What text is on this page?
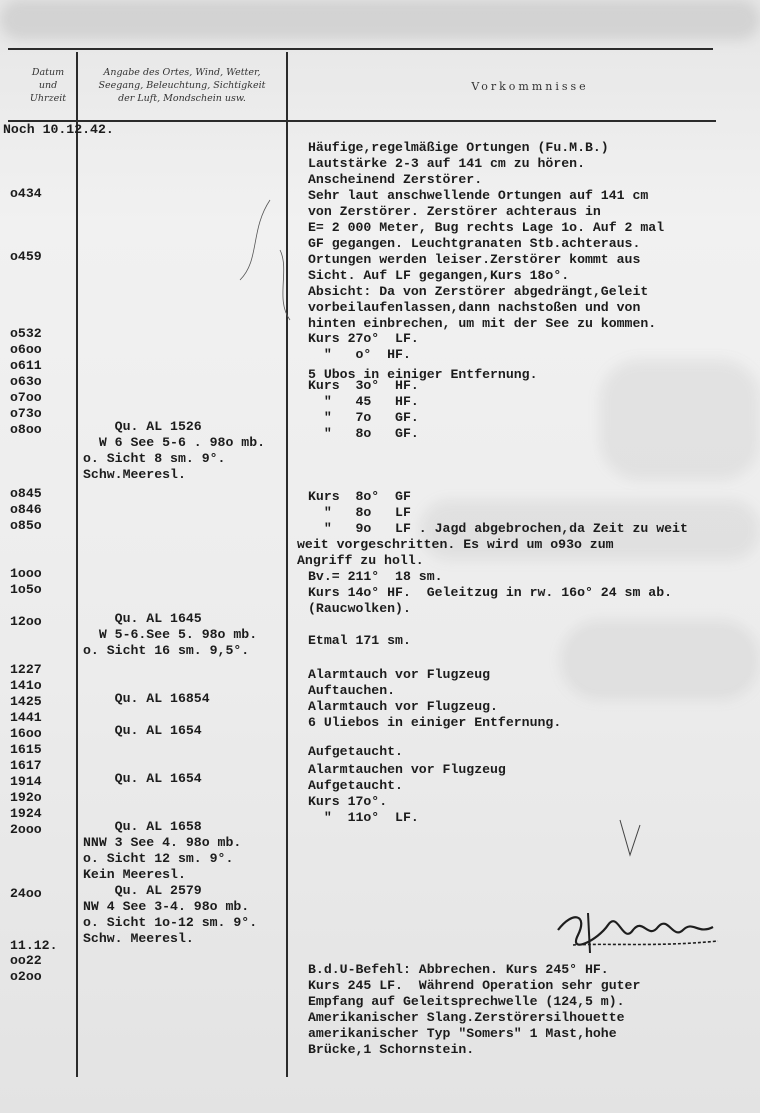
Datum
und
Uhrzeit
Angabe des Ortes, Wind, Wetter,
Seegang, Beleuchtung, Sichtigkeit
der Luft, Mondschein usw.
Vorkommnisse
Noch 10.12.42.
o434
o459
o532
o6oo
o611
o63o
o7oo
o73o
o8oo
o845
o846
o85o
1ooo
1o5o
12oo
1227
141o
1425
1441
16oo
1615
1617
1914
192o
1924
2ooo
24oo
11.12.
oo22
o2oo
Qu. AL 1526
W 6 See 5-6 . 98o mb.
o. Sicht 8 sm. 9°.
Schw.Meeresl.
Qu. AL 1645
W 5-6.See 5. 98o mb.
o. Sicht 16 sm. 9,5°.
Qu. AL 16854
Qu. AL 1654
Qu. AL 1654
Qu. AL 1658
NNW 3 See 4. 98o mb.
o. Sicht 12 sm. 9°.
Kein Meeresl.
Qu. AL 2579
NW 4 See 3-4. 98o mb.
o. Sicht 1o-12 sm. 9°.
Schw. Meeresl.
Häufige,regelmäßige Ortungen (Fu.M.B.)
Lautstärke 2-3 auf 141 cm zu hören.
Anscheinend Zerstörer.
Sehr laut anschwellende Ortungen auf 141 cm
von Zerstörer. Zerstörer achteraus in
E= 2 000 Meter, Bug rechts Lage 1o. Auf 2 mal
GF gegangen. Leuchtgranaten Stb.achteraus.
Ortungen werden leiser.Zerstörer kommt aus
Sicht. Auf LF gegangen,Kurs 18o°.
Absicht: Da von Zerstörer abgedrängt,Geleit
vorbeilaufenlassen,dann nachstoßen und von
hinten einbrechen, um mit der See zu kommen.
Kurs 27o°  LF.
"   o°  HF.
5 Ubos in einiger Entfernung.
Kurs  3o°  HF.
"   45   HF.
"   7o   GF.
"   8o   GF.
Kurs  8o°  GF
"   8o   LF
"   9o   LF . Jagd abgebrochen,da Zeit zu weit
Bv.= 211°  18 sm.
Kurs 14o° HF.  Geleitzug in rw. 16o° 24 sm ab.
(Raucwolken).
Etmal 171 sm.
Alarmtauch vor Flugzeug
Auftauchen.
Alarmtauch vor Flugzeug.
6 Uliebos in einiger Entfernung.
Aufgetaucht.
Alarmtauchen vor Flugzeug
Aufgetaucht.
Kurs 17o°.
"  11o°  LF.
B.d.U-Befehl: Abbrechen. Kurs 245° HF.
Kurs 245 LF.  Während Operation sehr guter
Empfang auf Geleitsprechwelle (124,5 m).
Amerikanischer Slang.Zerstörersilhouette
amerikanischer Typ "Somers" 1 Mast,hohe
Brücke,1 Schornstein.
weit vorgeschritten. Es wird um o93o zum
Angriff zu holl.
